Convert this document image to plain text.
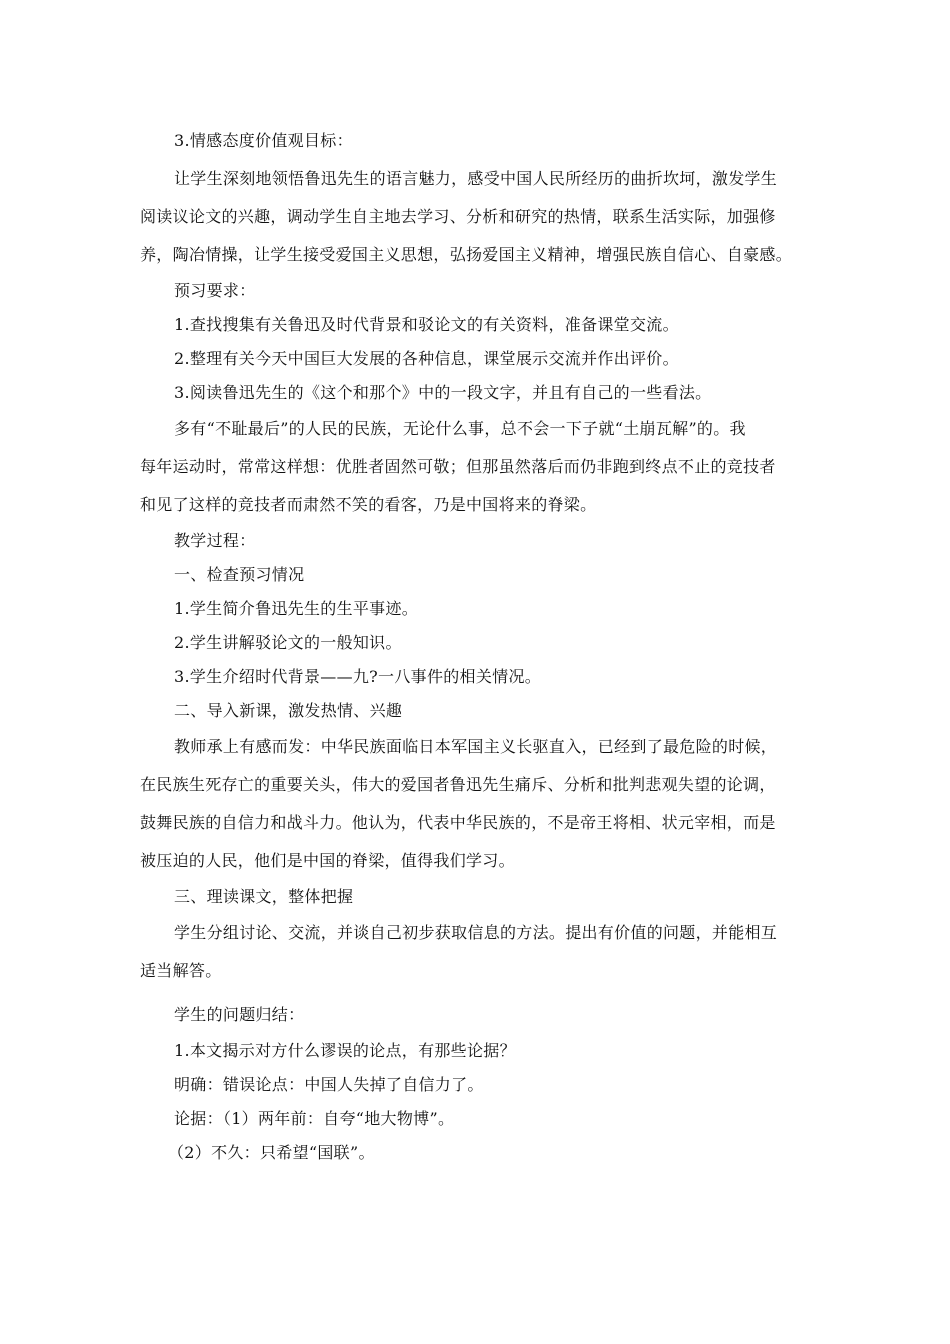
3.情感态度价值观目标：

让学生深刻地领悟鲁迅先生的语言魅力，感受中国人民所经历的曲折坎坷，激发学生

阅读议论文的兴趣，调动学生自主地去学习、分析和研究的热情，联系生活实际，加强修

养，陶冶情操，让学生接受爱国主义思想，弘扬爱国主义精神，增强民族自信心、自豪感。

预习要求：

1.查找搜集有关鲁迅及时代背景和驳论文的有关资料，准备课堂交流。

2.整理有关今天中国巨大发展的各种信息，课堂展示交流并作出评价。

3.阅读鲁迅先生的《这个和那个》中的一段文字，并且有自己的一些看法。

多有“不耻最后”的人民的民族，无论什么事，总不会一下子就“土崩瓦解”的。我

每年运动时，常常这样想：优胜者固然可敬；但那虽然落后而仍非跑到终点不止的竞技者

和见了这样的竞技者而肃然不笑的看客，乃是中国将来的脊梁。

教学过程：

一、检查预习情况

1.学生简介鲁迅先生的生平事迹。

2.学生讲解驳论文的一般知识。

3.学生介绍时代背景——九?一八事件的相关情况。

二、导入新课，激发热情、兴趣

教师承上有感而发：中华民族面临日本军国主义长驱直入，已经到了最危险的时候，

在民族生死存亡的重要关头，伟大的爱国者鲁迅先生痛斥、分析和批判悲观失望的论调，

鼓舞民族的自信力和战斗力。他认为，代表中华民族的，不是帝王将相、状元宰相，而是

被压迫的人民，他们是中国的脊梁，值得我们学习。

三、理读课文，整体把握

学生分组讨论、交流，并谈自己初步获取信息的方法。提出有价值的问题，并能相互

适当解答。

学生的问题归结：

1.本文揭示对方什么谬误的论点，有那些论据？

明确：错误论点：中国人失掉了自信力了。

论据：（1）两年前：自夸“地大物博”。

（2）不久：只希望“国联”。
